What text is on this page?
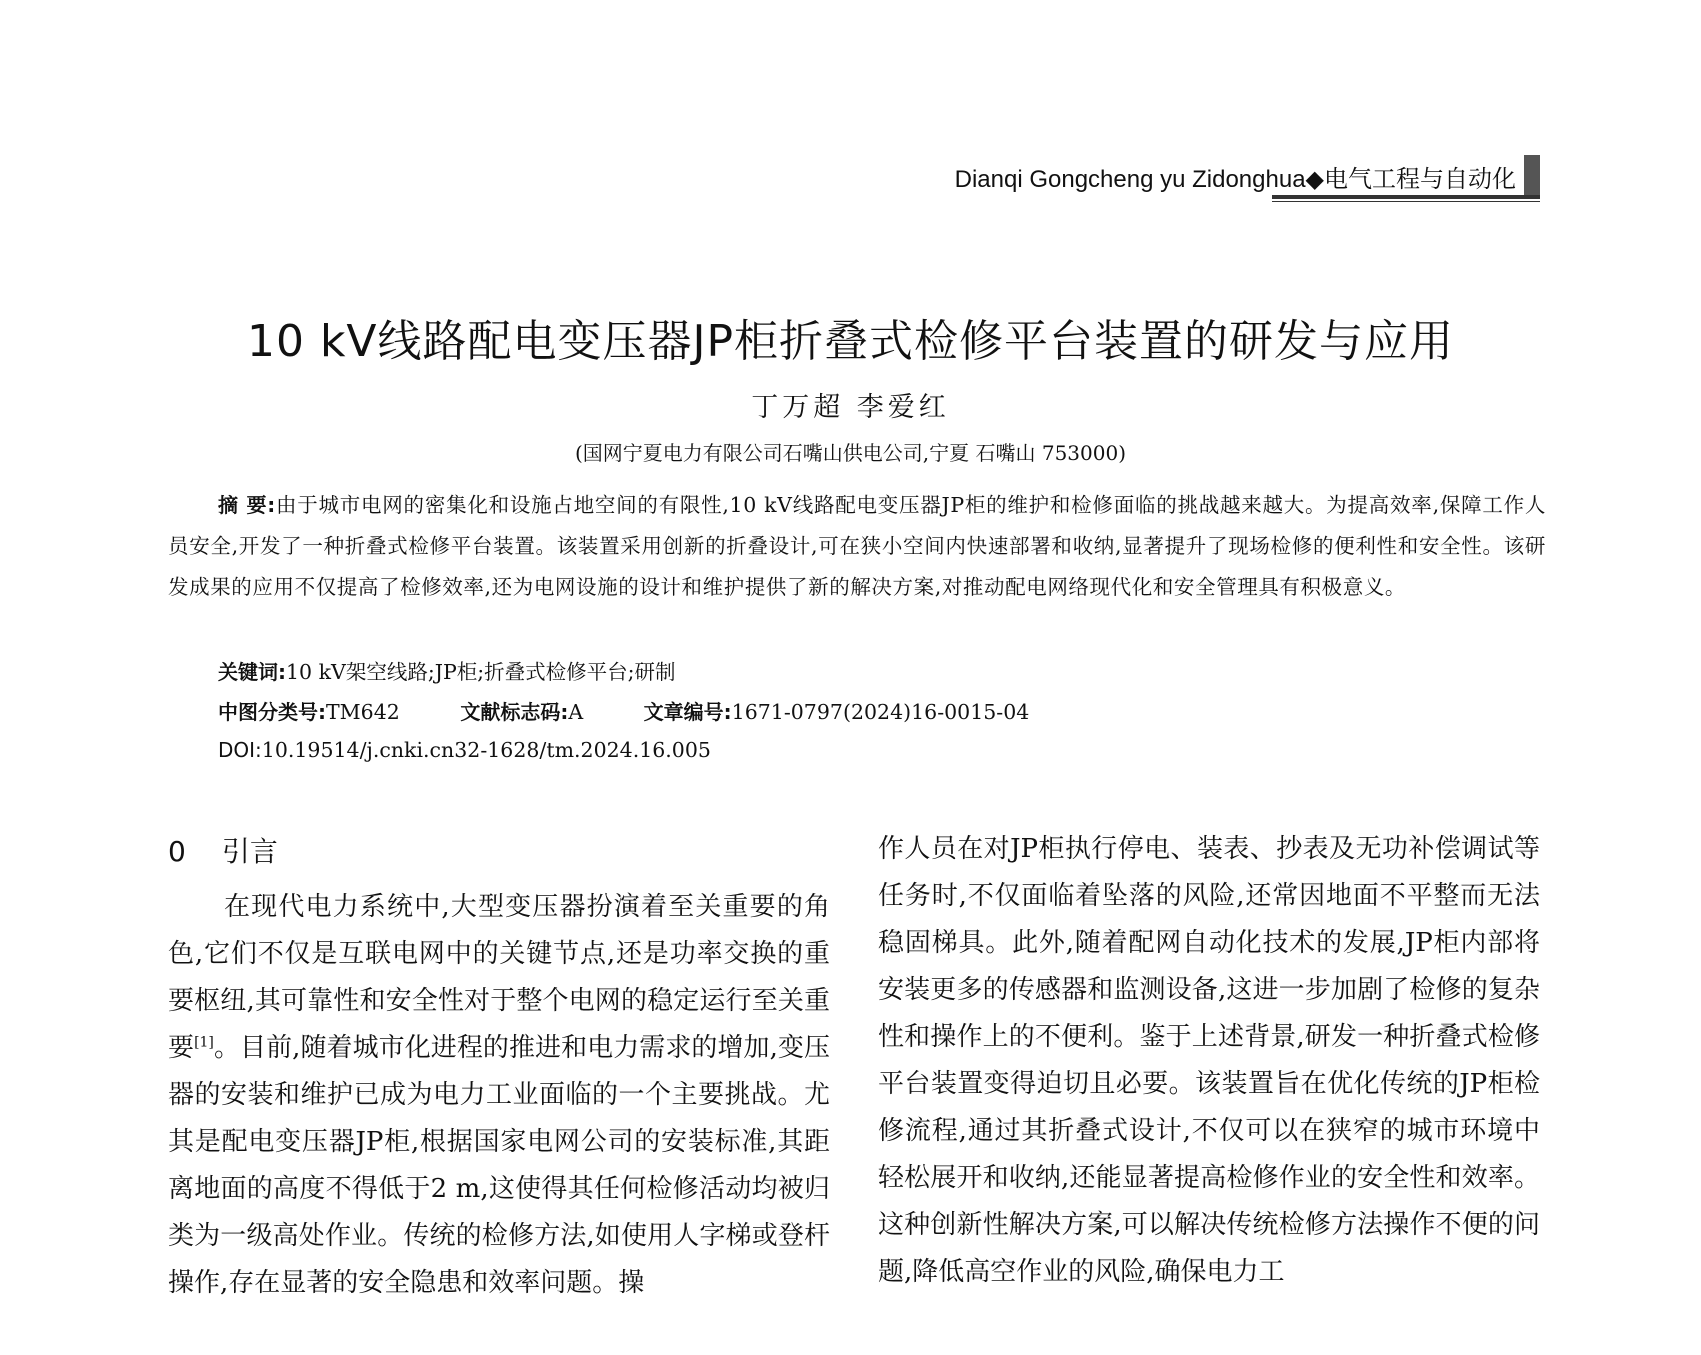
Dianqi Gongcheng yu Zidonghua◆电气工程与自动化
10 kV线路配电变压器JP柜折叠式检修平台装置的研发与应用
丁万超 李爱红
(国网宁夏电力有限公司石嘴山供电公司,宁夏 石嘴山 753000)
摘 要:由于城市电网的密集化和设施占地空间的有限性,10 kV线路配电变压器JP柜的维护和检修面临的挑战越来越大。为提高效率,保障工作人员安全,开发了一种折叠式检修平台装置。该装置采用创新的折叠设计,可在狭小空间内快速部署和收纳,显著提升了现场检修的便利性和安全性。该研发成果的应用不仅提高了检修效率,还为电网设施的设计和维护提供了新的解决方案,对推动配电网络现代化和安全管理具有积极意义。
关键词:10 kV架空线路;JP柜;折叠式检修平台;研制
中图分类号:TM642	文献标志码:A	文章编号:1671-0797(2024)16-0015-04
DOI:10.19514/j.cnki.cn32-1628/tm.2024.16.005
0 引言

在现代电力系统中,大型变压器扮演着至关重要的角色,它们不仅是互联电网中的关键节点,还是功率交换的重要枢纽,其可靠性和安全性对于整个电网的稳定运行至关重要[1]。目前,随着城市化进程的推进和电力需求的增加,变压器的安装和维护已成为电力工业面临的一个主要挑战。尤其是配电变压器JP柜,根据国家电网公司的安装标准,其距离地面的高度不得低于2 m,这使得其任何检修活动均被归类为一级高处作业。传统的检修方法,如使用人字梯或登杆操作,存在显著的安全隐患和效率问题。操

作人员在对JP柜执行停电、装表、抄表及无功补偿调试等任务时,不仅面临着坠落的风险,还常因地面不平整而无法稳固梯具。此外,随着配网自动化技术的发展,JP柜内部将安装更多的传感器和监测设备,这进一步加剧了检修的复杂性和操作上的不便利。鉴于上述背景,研发一种折叠式检修平台装置变得迫切且必要。该装置旨在优化传统的JP柜检修流程,通过其折叠式设计,不仅可以在狭窄的城市环境中轻松展开和收纳,还能显著提高检修作业的安全性和效率。这种创新性解决方案,可以解决传统检修方法操作不便的问题,降低高空作业的风险,确保电力工
